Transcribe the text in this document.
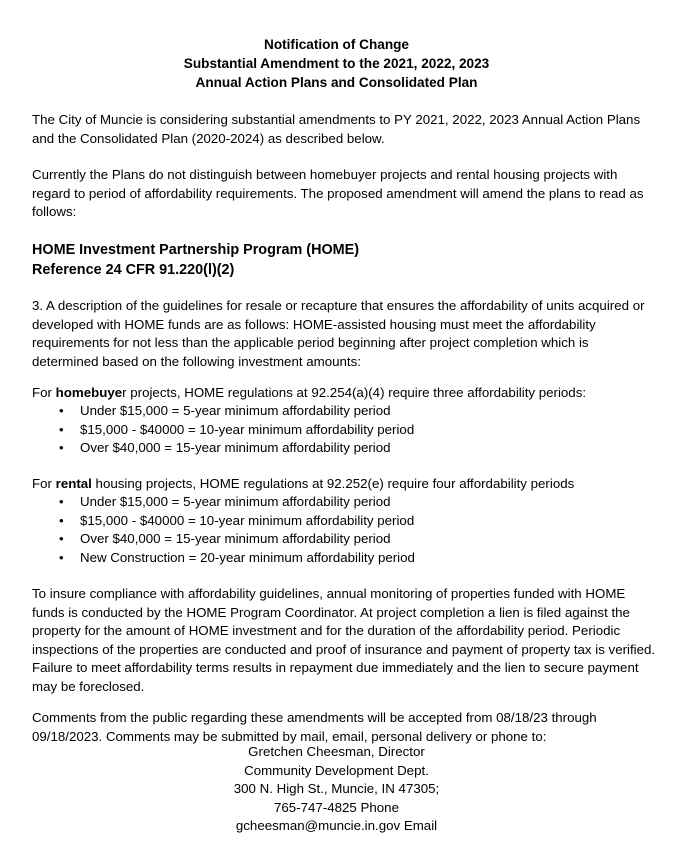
Notification of Change
Substantial Amendment to the 2021, 2022, 2023
Annual Action Plans and Consolidated Plan

The City of Muncie is considering substantial amendments to PY 2021, 2022, 2023 Annual Action Plans and the Consolidated Plan (2020-2024) as described below.

Currently the Plans do not distinguish between homebuyer projects and rental housing projects with regard to period of affordability requirements. The proposed amendment will amend the plans to read as follows:

HOME Investment Partnership Program (HOME)
Reference 24 CFR 91.220(l)(2)

3. A description of the guidelines for resale or recapture that ensures the affordability of units acquired or developed with HOME funds are as follows: HOME-assisted housing must meet the affordability requirements for not less than the applicable period beginning after project completion which is determined based on the following investment amounts:

For homebuyer projects, HOME regulations at 92.254(a)(4) require three affordability periods:

• Under $15,000 = 5-year minimum affordability period
• $15,000 - $40000 = 10-year minimum affordability period
• Over $40,000 = 15-year minimum affordability period

For rental housing projects, HOME regulations at 92.252(e) require four affordability periods

• Under $15,000 = 5-year minimum affordability period
• $15,000 - $40000 = 10-year minimum affordability period
• Over $40,000 = 15-year minimum affordability period
• New Construction = 20-year minimum affordability period

To insure compliance with affordability guidelines, annual monitoring of properties funded with HOME funds is conducted by the HOME Program Coordinator. At project completion a lien is filed against the property for the amount of HOME investment and for the duration of the affordability period. Periodic inspections of the properties are conducted and proof of insurance and payment of property tax is verified. Failure to meet affordability terms results in repayment due immediately and the lien to secure payment may be foreclosed.

Comments from the public regarding these amendments will be accepted from 08/18/23 through 09/18/2023. Comments may be submitted by mail, email, personal delivery or phone to:

Gretchen Cheesman, Director
Community Development Dept.
300 N. High St., Muncie, IN 47305;
765-747-4825 Phone
gcheesman@muncie.in.gov Email
